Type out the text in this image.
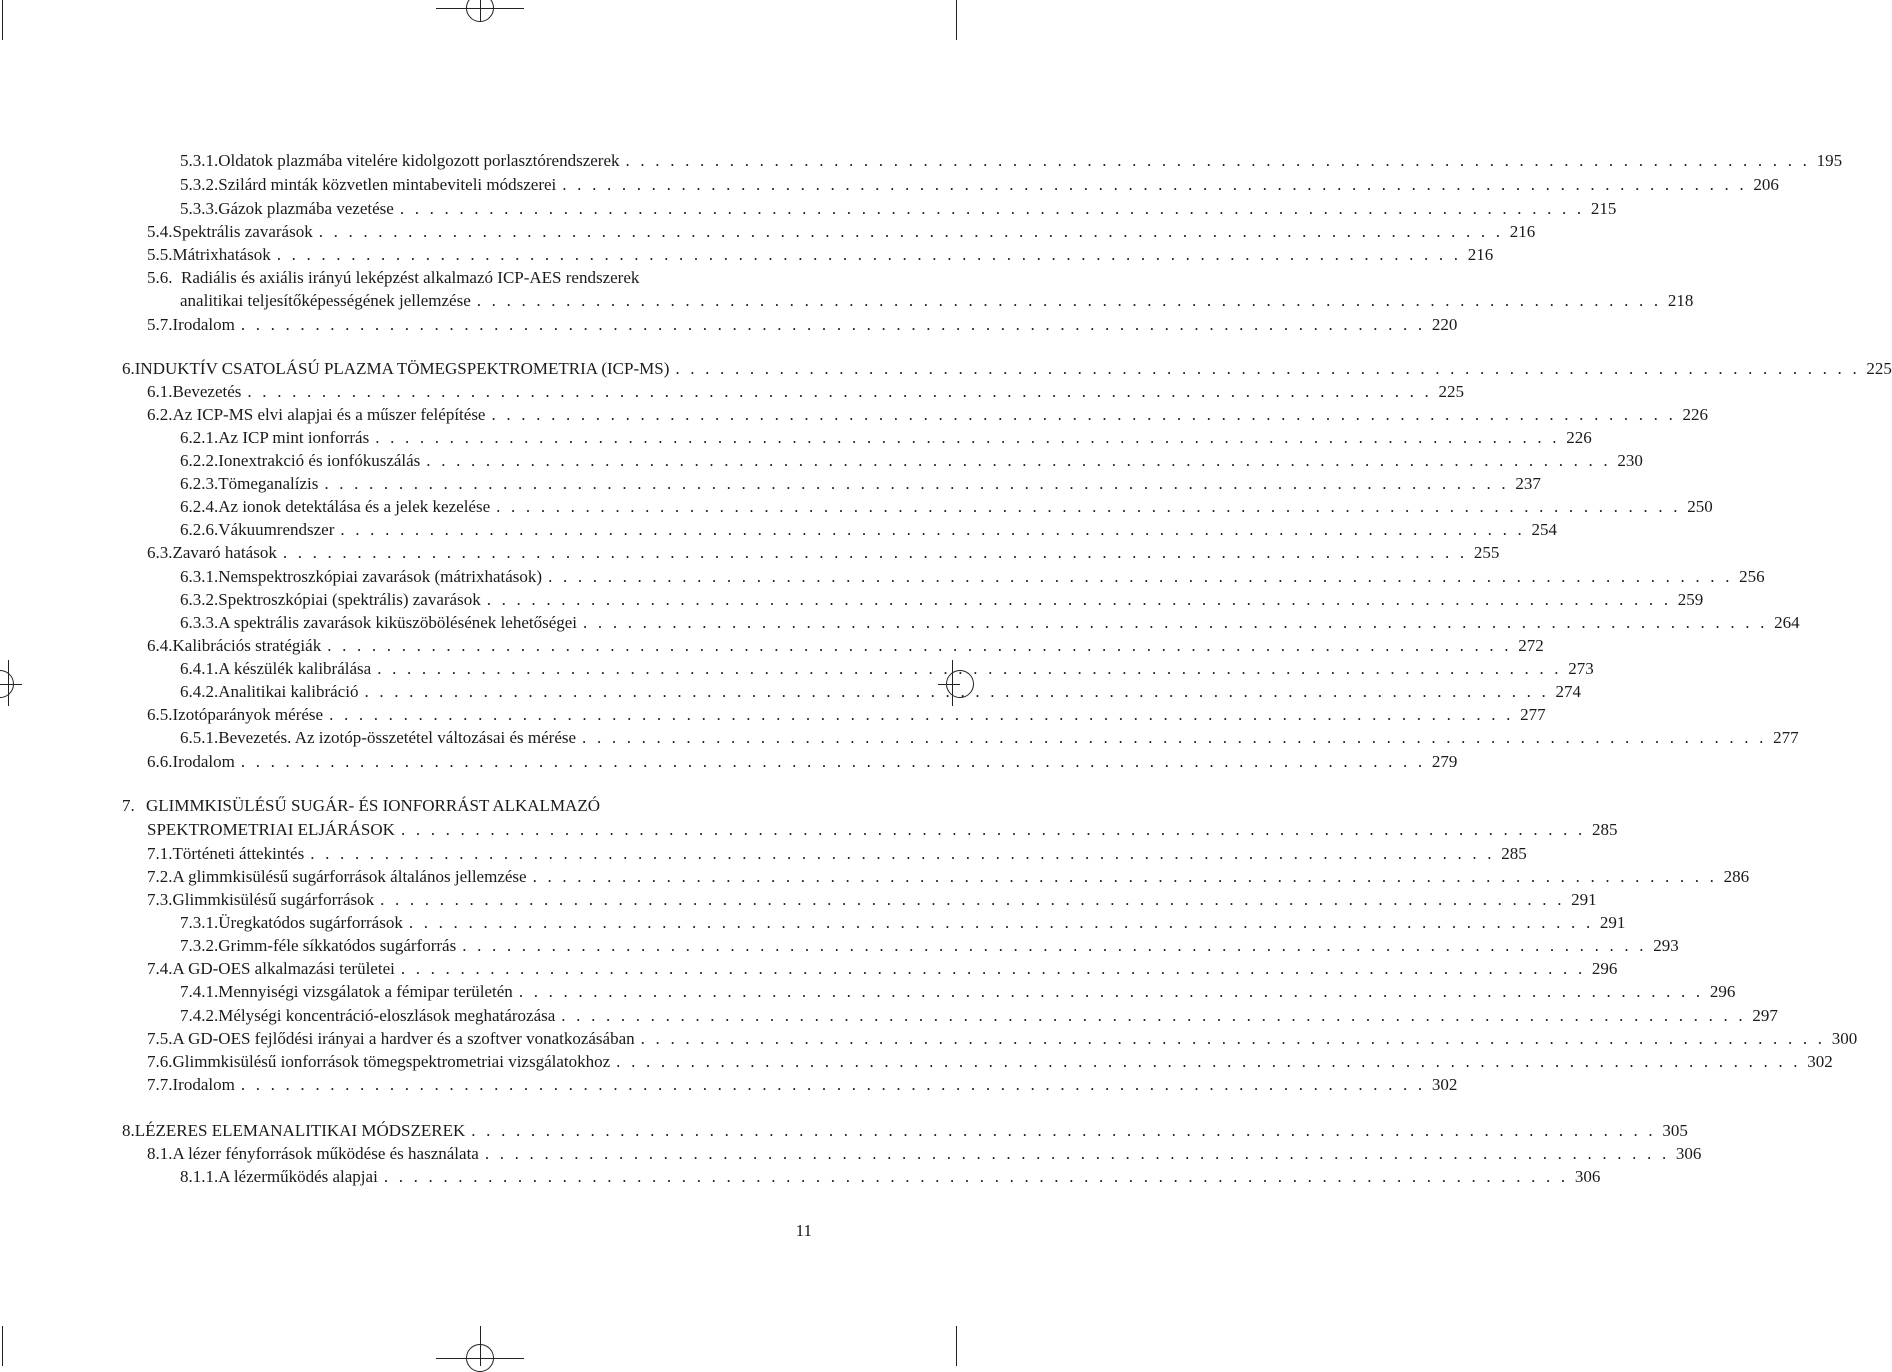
5.3.1. Oldatok plazmába vitelére kidolgozott porlasztórendszerek . . . . . . . . . . . . . . . . . . . . . . . . . . . . . . . . . . . . . . . . . . . . . . . . . . . . . . . . . . . . . . . . . . . . . . . . . . . . . . . . 195
5.3.2. Szilárd minták közvetlen mintabeviteli módszerei . . . . . . . . . . . . . . . . . . . . . . . . . . . . . . . . . . . . . . . . . . . . . . . . . . . . . . . . . . . . . . . . . . . . . . . . . . . . . . . . 206
5.3.3. Gázok plazmába vezetése . . . . . . . . . . . . . . . . . . . . . . . . . . . . . . . . . . . . . . . . . . . . . . . . . . . . . . . . . . . . . . . . . . . . . . . . . . . . . . . . 215
5.4. Spektrális zavarások . . . . . . . . . . . . . . . . . . . . . . . . . . . . . . . . . . . . . . . . . . . . . . . . . . . . . . . . . . . . . . . . . . . . . . . . . . . . . . . . 216
5.5. Mátrixhatások . . . . . . . . . . . . . . . . . . . . . . . . . . . . . . . . . . . . . . . . . . . . . . . . . . . . . . . . . . . . . . . . . . . . . . . . . . . . . . . . 216
5.6. Radiális és axiális irányú leképzést alkalmazó ICP-AES rendszerek
analitikai teljesítőképességének jellemzése . . . . . . . . . . . . . . . . . . . . . . . . . . . . . . . . . . . . . . . . . . . . . . . . . . . . . . . . . . . . . . . . . . . . . . . . . . . . . . . . 218
5.7. Irodalom . . . . . . . . . . . . . . . . . . . . . . . . . . . . . . . . . . . . . . . . . . . . . . . . . . . . . . . . . . . . . . . . . . . . . . . . . . . . . . . . 220
6. INDUKTÍV CSATOLÁSÚ PLAZMA TÖMEGSPEKTROMETRIA (ICP-MS) . . . . . . . . . . . . . . . . . . . . . . . . . . . . . . . . . . . . . . . . . . . . . . . . . . . . . . . . . . . . . . . . . . . . . . . . . . . . . . . . 225
6.1. Bevezetés . . . . . . . . . . . . . . . . . . . . . . . . . . . . . . . . . . . . . . . . . . . . . . . . . . . . . . . . . . . . . . . . . . . . . . . . . . . . . . . . 225
6.2. Az ICP-MS elvi alapjai és a műszer felépítése . . . . . . . . . . . . . . . . . . . . . . . . . . . . . . . . . . . . . . . . . . . . . . . . . . . . . . . . . . . . . . . . . . . . . . . . . . . . . . . . 226
6.2.1. Az ICP mint ionforrás . . . . . . . . . . . . . . . . . . . . . . . . . . . . . . . . . . . . . . . . . . . . . . . . . . . . . . . . . . . . . . . . . . . . . . . . . . . . . . . . 226
6.2.2. Ionextrakció és ionfókuszálás . . . . . . . . . . . . . . . . . . . . . . . . . . . . . . . . . . . . . . . . . . . . . . . . . . . . . . . . . . . . . . . . . . . . . . . . . . . . . . . . 230
6.2.3. Tömeganalízis . . . . . . . . . . . . . . . . . . . . . . . . . . . . . . . . . . . . . . . . . . . . . . . . . . . . . . . . . . . . . . . . . . . . . . . . . . . . . . . . 237
6.2.4. Az ionok detektálása és a jelek kezelése . . . . . . . . . . . . . . . . . . . . . . . . . . . . . . . . . . . . . . . . . . . . . . . . . . . . . . . . . . . . . . . . . . . . . . . . . . . . . . . . 250
6.2.6. Vákuumrendszer . . . . . . . . . . . . . . . . . . . . . . . . . . . . . . . . . . . . . . . . . . . . . . . . . . . . . . . . . . . . . . . . . . . . . . . . . . . . . . . . 254
6.3. Zavaró hatások . . . . . . . . . . . . . . . . . . . . . . . . . . . . . . . . . . . . . . . . . . . . . . . . . . . . . . . . . . . . . . . . . . . . . . . . . . . . . . . . 255
6.3.1. Nemspektroszkópiai zavarások (mátrixhatások) . . . . . . . . . . . . . . . . . . . . . . . . . . . . . . . . . . . . . . . . . . . . . . . . . . . . . . . . . . . . . . . . . . . . . . . . . . . . . . . . 256
6.3.2. Spektroszkópiai (spektrális) zavarások . . . . . . . . . . . . . . . . . . . . . . . . . . . . . . . . . . . . . . . . . . . . . . . . . . . . . . . . . . . . . . . . . . . . . . . . . . . . . . . . 259
6.3.3. A spektrális zavarások kiküszöbölésének lehetőségei . . . . . . . . . . . . . . . . . . . . . . . . . . . . . . . . . . . . . . . . . . . . . . . . . . . . . . . . . . . . . . . . . . . . . . . . . . . . . . . . 264
6.4. Kalibrációs stratégiák . . . . . . . . . . . . . . . . . . . . . . . . . . . . . . . . . . . . . . . . . . . . . . . . . . . . . . . . . . . . . . . . . . . . . . . . . . . . . . . . 272
6.4.1. A készülék kalibrálása . . . . . . . . . . . . . . . . . . . . . . . . . . . . . . . . . . . . . . . . . . . . . . . . . . . . . . . . . . . . . . . . . . . . . . . . . . . . . . . . 273
6.4.2. Analitikai kalibráció . . . . . . . . . . . . . . . . . . . . . . . . . . . . . . . . . . . . . . . . . . . . . . . . . . . . . . . . . . . . . . . . . . . . . . . . . . . . . . . . 274
6.5. Izotóparányok mérése . . . . . . . . . . . . . . . . . . . . . . . . . . . . . . . . . . . . . . . . . . . . . . . . . . . . . . . . . . . . . . . . . . . . . . . . . . . . . . . . 277
6.5.1. Bevezetés. Az izotóp-összetétel változásai és mérése . . . . . . . . . . . . . . . . . . . . . . . . . . . . . . . . . . . . . . . . . . . . . . . . . . . . . . . . . . . . . . . . . . . . . . . . . . . . . . . . 277
6.6. Irodalom . . . . . . . . . . . . . . . . . . . . . . . . . . . . . . . . . . . . . . . . . . . . . . . . . . . . . . . . . . . . . . . . . . . . . . . . . . . . . . . . 279
7. GLIMMKISÜLÉSŰ SUGÁR- ÉS IONFORRÁST ALKALMAZÓ
SPEKTROMETRIAI ELJÁRÁSOK . . . . . . . . . . . . . . . . . . . . . . . . . . . . . . . . . . . . . . . . . . . . . . . . . . . . . . . . . . . . . . . . . . . . . . . . . . . . . . . . 285
7.1. Történeti áttekintés . . . . . . . . . . . . . . . . . . . . . . . . . . . . . . . . . . . . . . . . . . . . . . . . . . . . . . . . . . . . . . . . . . . . . . . . . . . . . . . . 285
7.2. A glimmkisülésű sugárforrások általános jellemzése . . . . . . . . . . . . . . . . . . . . . . . . . . . . . . . . . . . . . . . . . . . . . . . . . . . . . . . . . . . . . . . . . . . . . . . . . . . . . . . . 286
7.3. Glimmkisülésű sugárforrások . . . . . . . . . . . . . . . . . . . . . . . . . . . . . . . . . . . . . . . . . . . . . . . . . . . . . . . . . . . . . . . . . . . . . . . . . . . . . . . . 291
7.3.1. Üregkatódos sugárforrások . . . . . . . . . . . . . . . . . . . . . . . . . . . . . . . . . . . . . . . . . . . . . . . . . . . . . . . . . . . . . . . . . . . . . . . . . . . . . . . . 291
7.3.2. Grimm-féle síkkatódos sugárforrás . . . . . . . . . . . . . . . . . . . . . . . . . . . . . . . . . . . . . . . . . . . . . . . . . . . . . . . . . . . . . . . . . . . . . . . . . . . . . . . . 293
7.4. A GD-OES alkalmazási területei . . . . . . . . . . . . . . . . . . . . . . . . . . . . . . . . . . . . . . . . . . . . . . . . . . . . . . . . . . . . . . . . . . . . . . . . . . . . . . . . 296
7.4.1. Mennyiségi vizsgálatok a fémipar területén . . . . . . . . . . . . . . . . . . . . . . . . . . . . . . . . . . . . . . . . . . . . . . . . . . . . . . . . . . . . . . . . . . . . . . . . . . . . . . . . 296
7.4.2. Mélységi koncentráció-eloszlások meghatározása . . . . . . . . . . . . . . . . . . . . . . . . . . . . . . . . . . . . . . . . . . . . . . . . . . . . . . . . . . . . . . . . . . . . . . . . . . . . . . . . 297
7.5. A GD-OES fejlődési irányai a hardver és a szoftver vonatkozásában . . . . . . . . . . . . . . . . . . . . . . . . . . . . . . . . . . . . . . . . . . . . . . . . . . . . . . . . . . . . . . . . . . . . . . . . . . . . . . . . 300
7.6. Glimmkisülésű ionforrások tömegspektrometriai vizsgálatokhoz . . . . . . . . . . . . . . . . . . . . . . . . . . . . . . . . . . . . . . . . . . . . . . . . . . . . . . . . . . . . . . . . . . . . . . . . . . . . . . . . 302
7.7. Irodalom . . . . . . . . . . . . . . . . . . . . . . . . . . . . . . . . . . . . . . . . . . . . . . . . . . . . . . . . . . . . . . . . . . . . . . . . . . . . . . . . 302
8. LÉZERES ELEMANALITIKAI MÓDSZEREK . . . . . . . . . . . . . . . . . . . . . . . . . . . . . . . . . . . . . . . . . . . . . . . . . . . . . . . . . . . . . . . . . . . . . . . . . . . . . . . . 305
8.1. A lézer fényforrások működése és használata . . . . . . . . . . . . . . . . . . . . . . . . . . . . . . . . . . . . . . . . . . . . . . . . . . . . . . . . . . . . . . . . . . . . . . . . . . . . . . . . 306
8.1.1. A lézerműködés alapjai . . . . . . . . . . . . . . . . . . . . . . . . . . . . . . . . . . . . . . . . . . . . . . . . . . . . . . . . . . . . . . . . . . . . . . . . . . . . . . . . 306
11
